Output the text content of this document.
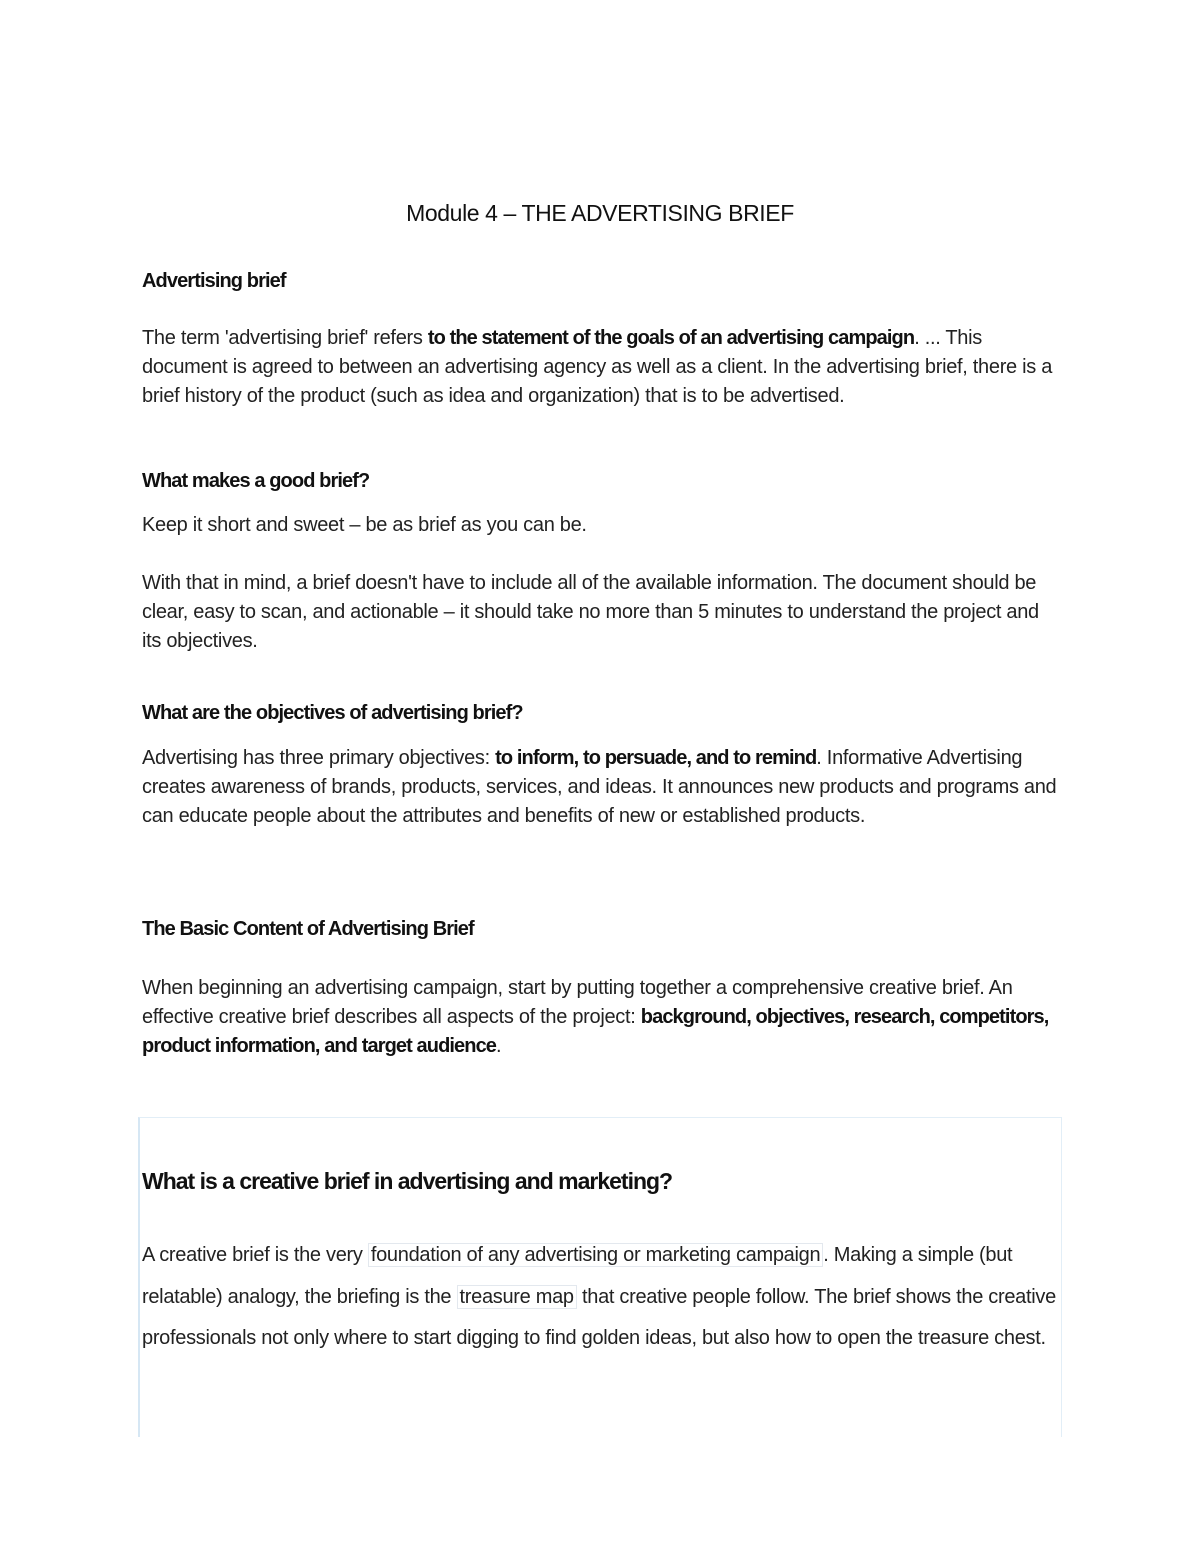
Module 4 – THE ADVERTISING BRIEF
Advertising brief
The term 'advertising brief' refers to the statement of the goals of an advertising campaign. ... This document is agreed to between an advertising agency as well as a client. In the advertising brief, there is a brief history of the product (such as idea and organization) that is to be advertised.
What makes a good brief?
Keep it short and sweet – be as brief as you can be.
With that in mind, a brief doesn't have to include all of the available information. The document should be clear, easy to scan, and actionable – it should take no more than 5 minutes to understand the project and its objectives.
What are the objectives of advertising brief?
Advertising has three primary objectives: to inform, to persuade, and to remind. Informative Advertising creates awareness of brands, products, services, and ideas. It announces new products and programs and can educate people about the attributes and benefits of new or established products.
The Basic Content of Advertising Brief
When beginning an advertising campaign, start by putting together a comprehensive creative brief. An effective creative brief describes all aspects of the project: background, objectives, research, competitors, product information, and target audience.
What is a creative brief in advertising and marketing?
A creative brief is the very foundation of any advertising or marketing campaign . Making a simple (but relatable) analogy, the briefing is the treasure map that creative people follow. The brief shows the creative professionals not only where to start digging to find golden ideas, but also how to open the treasure chest.
